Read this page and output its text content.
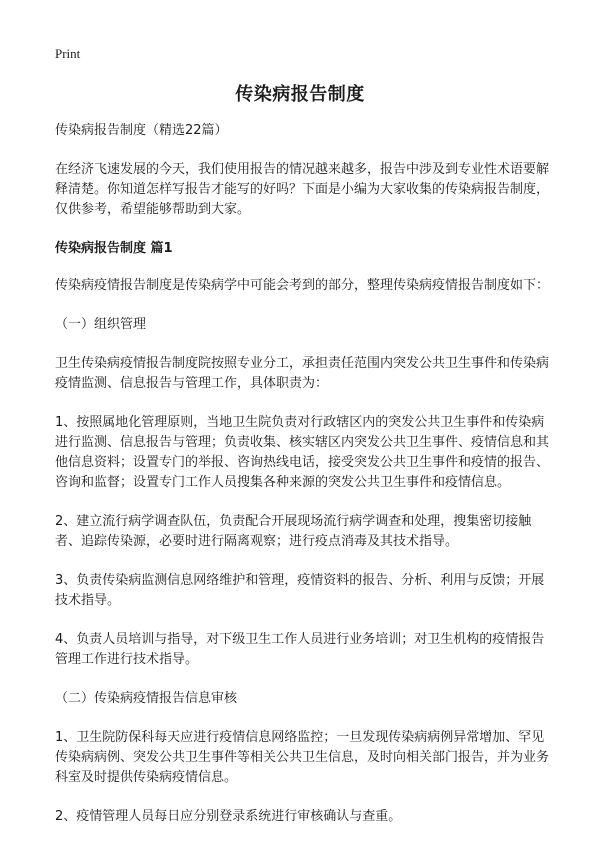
Print
传染病报告制度

传染病报告制度（精选22篇）

在经济飞速发展的今天，我们使用报告的情况越来越多，报告中涉及到专业性术语要解释清楚。你知道怎样写报告才能写的好吗？下面是小编为大家收集的传染病报告制度，仅供参考，希望能够帮助到大家。

传染病报告制度 篇1

传染病疫情报告制度是传染病学中可能会考到的部分，整理传染病疫情报告制度如下：

（一）组织管理

卫生传染病疫情报告制度院按照专业分工，承担责任范围内突发公共卫生事件和传染病疫情监测、信息报告与管理工作，具体职责为：

1、按照属地化管理原则，当地卫生院负责对行政辖区内的突发公共卫生事件和传染病进行监测、信息报告与管理；负责收集、核实辖区内突发公共卫生事件、疫情信息和其他信息资料；设置专门的举报、咨询热线电话，接受突发公共卫生事件和疫情的报告、咨询和监督；设置专门工作人员搜集各种来源的突发公共卫生事件和疫情信息。

2、建立流行病学调查队伍，负责配合开展现场流行病学调查和处理，搜集密切接触者、追踪传染源，必要时进行隔离观察；进行疫点消毒及其技术指导。

3、负责传染病监测信息网络维护和管理，疫情资料的报告、分析、利用与反馈；开展技术指导。

4、负责人员培训与指导，对下级卫生工作人员进行业务培训；对卫生机构的疫情报告管理工作进行技术指导。

（二）传染病疫情报告信息审核

1、卫生院防保科每天应进行疫情信息网络监控；一旦发现传染病病例异常增加、罕见传染病病例、突发公共卫生事件等相关公共卫生信息，及时向相关部门报告，并为业务科室及时提供传染病疫情信息。

2、疫情管理人员每日应分别登录系统进行审核确认与查重。
